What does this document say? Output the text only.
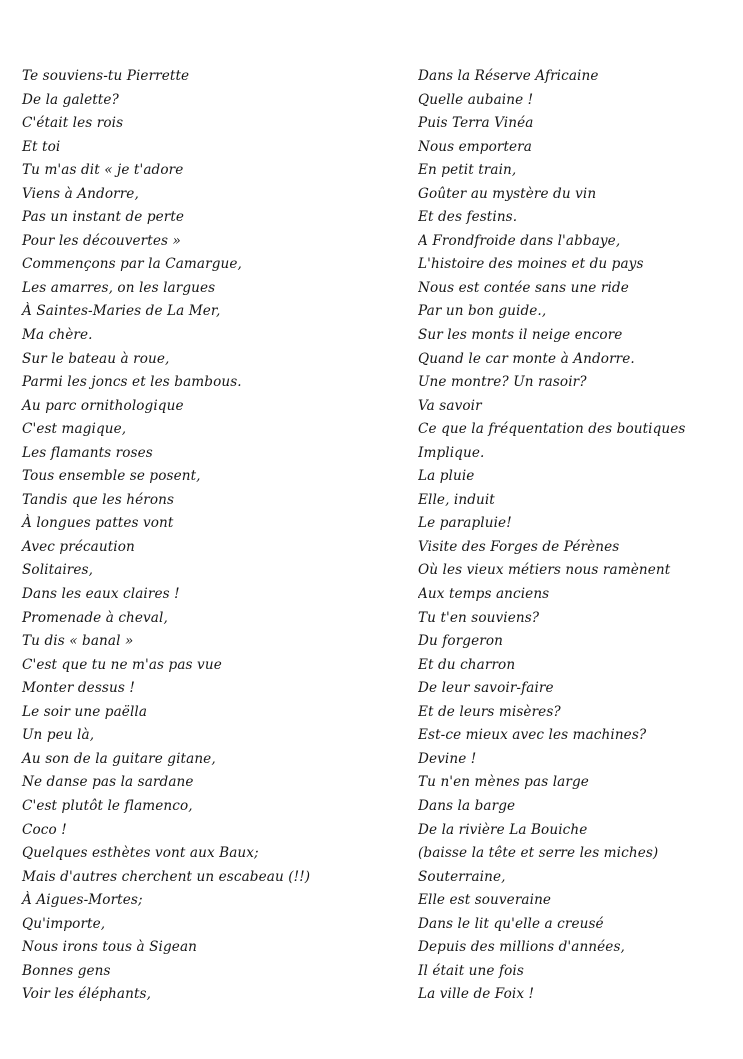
Te souviens-tu Pierrette
De la galette?
C'était les rois
Et toi
Tu m'as dit « je t'adore
Viens à Andorre,
Pas un instant de perte
Pour les découvertes »
Commençons par la Camargue,
Les amarres, on les largues
À Saintes-Maries de La Mer,
Ma chère.
Sur le bateau à roue,
Parmi les joncs et les bambous.
Au parc ornithologique
C'est magique,
Les flamants roses
Tous ensemble se posent,
Tandis que les hérons
À longues pattes vont
Avec précaution
Solitaires,
Dans les eaux claires !
Promenade à cheval,
Tu dis « banal »
C'est que tu ne m'as pas vue
Monter dessus !
Le soir une paëlla
Un peu là,
Au son de la guitare gitane,
Ne danse pas la sardane
C'est plutôt le flamenco,
Coco !
Quelques esthètes vont aux Baux;
Mais d'autres cherchent un escabeau (!!)
À Aigues-Mortes;
Qu'importe,
Nous irons tous à Sigean
Bonnes gens
Voir les éléphants,
Dans la Réserve Africaine
Quelle aubaine !
Puis Terra Vinéa
Nous emportera
En petit train,
Goûter au mystère du vin
Et des festins.
A Frondfroide dans l'abbaye,
L'histoire des moines et du pays
Nous est contée sans une ride
Par un bon guide.,
Sur les monts il neige encore
Quand le car monte à Andorre.
Une montre? Un rasoir?
Va savoir
Ce que la fréquentation des boutiques
Implique.
La pluie
Elle, induit
Le parapluie!
Visite des Forges de Pérènes
Où les vieux métiers nous ramènent
Aux temps anciens
Tu t'en souviens?
Du forgeron
Et du charron
De leur savoir-faire
Et de leurs misères?
Est-ce mieux avec les machines?
Devine !
Tu n'en mènes pas large
Dans la barge
De la rivière La Bouiche
(baisse la tête et serre les miches)
Souterraine,
Elle est souveraine
Dans le lit qu'elle a creusé
Depuis des millions d'années,
Il était une fois
La ville de Foix !
